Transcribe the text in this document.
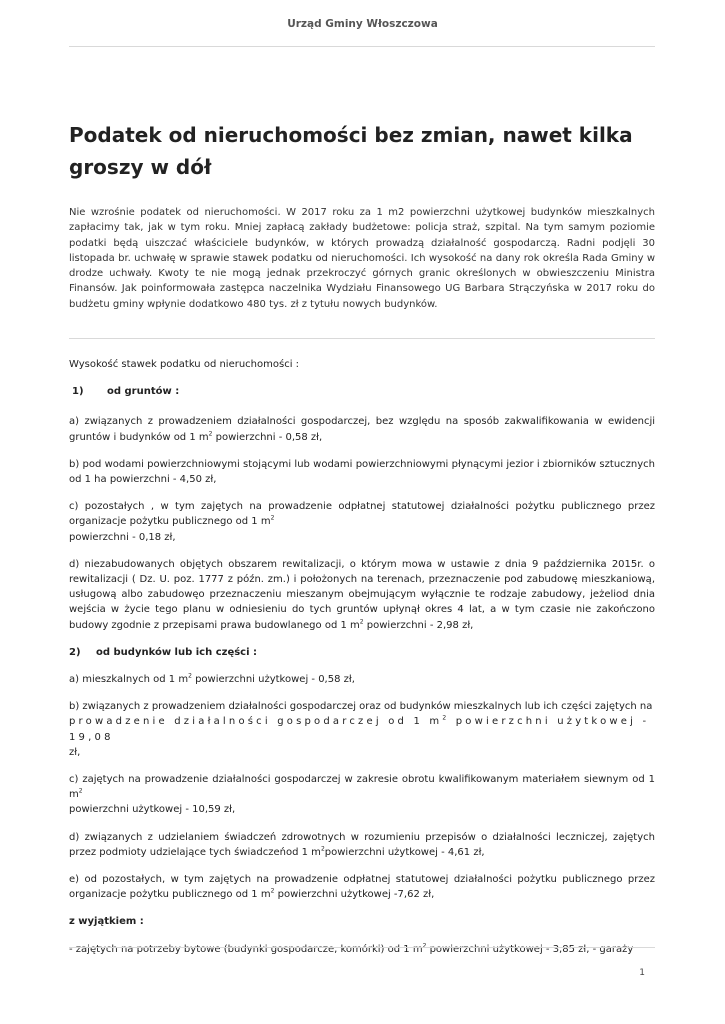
Urząd Gminy Włoszczowa
Podatek od nieruchomości bez zmian, nawet kilka groszy w dół
Nie wzrośnie podatek od nieruchomości. W 2017 roku za 1 m2 powierzchni użytkowej budynków mieszkalnych zapłacimy tak, jak w tym roku. Mniej zapłacą zakłady budżetowe: policja straż, szpital. Na tym samym poziomie podatki będą uiszczać właściciele budynków, w których prowadzą działalność gospodarczą. Radni podjęli 30 listopada br. uchwałę w sprawie stawek podatku od nieruchomości. Ich wysokość na dany rok określa Rada Gminy w drodze uchwały. Kwoty te nie mogą jednak przekroczyć górnych granic określonych w obwieszczeniu Ministra Finansów. Jak poinformowała zastępca naczelnika Wydziału Finansowego UG Barbara Strączyńska w 2017 roku do budżetu gminy wpłynie dodatkowo 480 tys. zł z tytułu nowych budynków.

Wysokość stawek podatku od nieruchomości :

1) od gruntów :

a) związanych z prowadzeniem działalności gospodarczej, bez względu na sposób zakwalifikowania w ewidencji gruntów i budynków od 1 $m^2$ powierzchni - 0,58 zł,

b) pod wodami powierzchniowymi stojącymi lub wodami powierzchniowymi płynącymi jezior i zbiorników sztucznych od 1 ha powierzchni - 4,50 zł,

c) pozostałych , w tym zajętych na prowadzenie odpłatnej statutowej działalności pożytku publicznego przez organizacje pożytku publicznego od 1 $m^2$
powierzchni - 0,18 zł,

d) niezabudowanych objętych obszarem rewitalizacji, o którym mowa w ustawie z dnia 9 października 2015r. o rewitalizacji ( Dz. U. poz. 1777 z późn. zm.) i położonych na terenach, przeznaczenie pod zabudowę mieszkaniową, usługową albo zabudowęo przeznaczeniu mieszanym obejmującym wyłącznie te rodzaje zabudowy, jeżeliod dnia wejścia w życie tego planu w odniesieniu do tych gruntów upłynął okres 4 lat, a w tym czasie nie zakończono budowy zgodnie z przepisami prawa budowlanego od 1 $m^2$ powierzchni - 2,98 zł,

2) od budynków lub ich części :

a) mieszkalnych od 1 $m^2$ powierzchni użytkowej - 0,58 zł,

b) związanych z prowadzeniem działalności gospodarczej oraz od budynków mieszkalnych lub ich części zajętych na

prowadzenie działalności gospodarczej od 1 $m^2$ powierzchni użytkowej - 19,08

zł,

c) zajętych na prowadzenie działalności gospodarczej w zakresie obrotu kwalifikowanym materiałem siewnym od 1 $m^2$
powierzchni użytkowej - 10,59 zł,

d) związanych z udzielaniem świadczeń zdrowotnych w rozumieniu przepisów o działalności leczniczej, zajętych przez podmioty udzielające tych świadczeńod 1 $m^2powierzchni$ użytkowej - 4,61 zł,

e) od pozostałych, w tym zajętych na prowadzenie odpłatnej statutowej działalności pożytku publicznego przez organizacje pożytku publicznego od 1 $m^2$ powierzchni użytkowej -7,62 zł,

z wyjątkiem :

- zajętych na potrzeby bytowe (budynki gospodarcze, komórki) od 1 $m^2$ powierzchni użytkowej - 3,85 zł, - garaży

1
